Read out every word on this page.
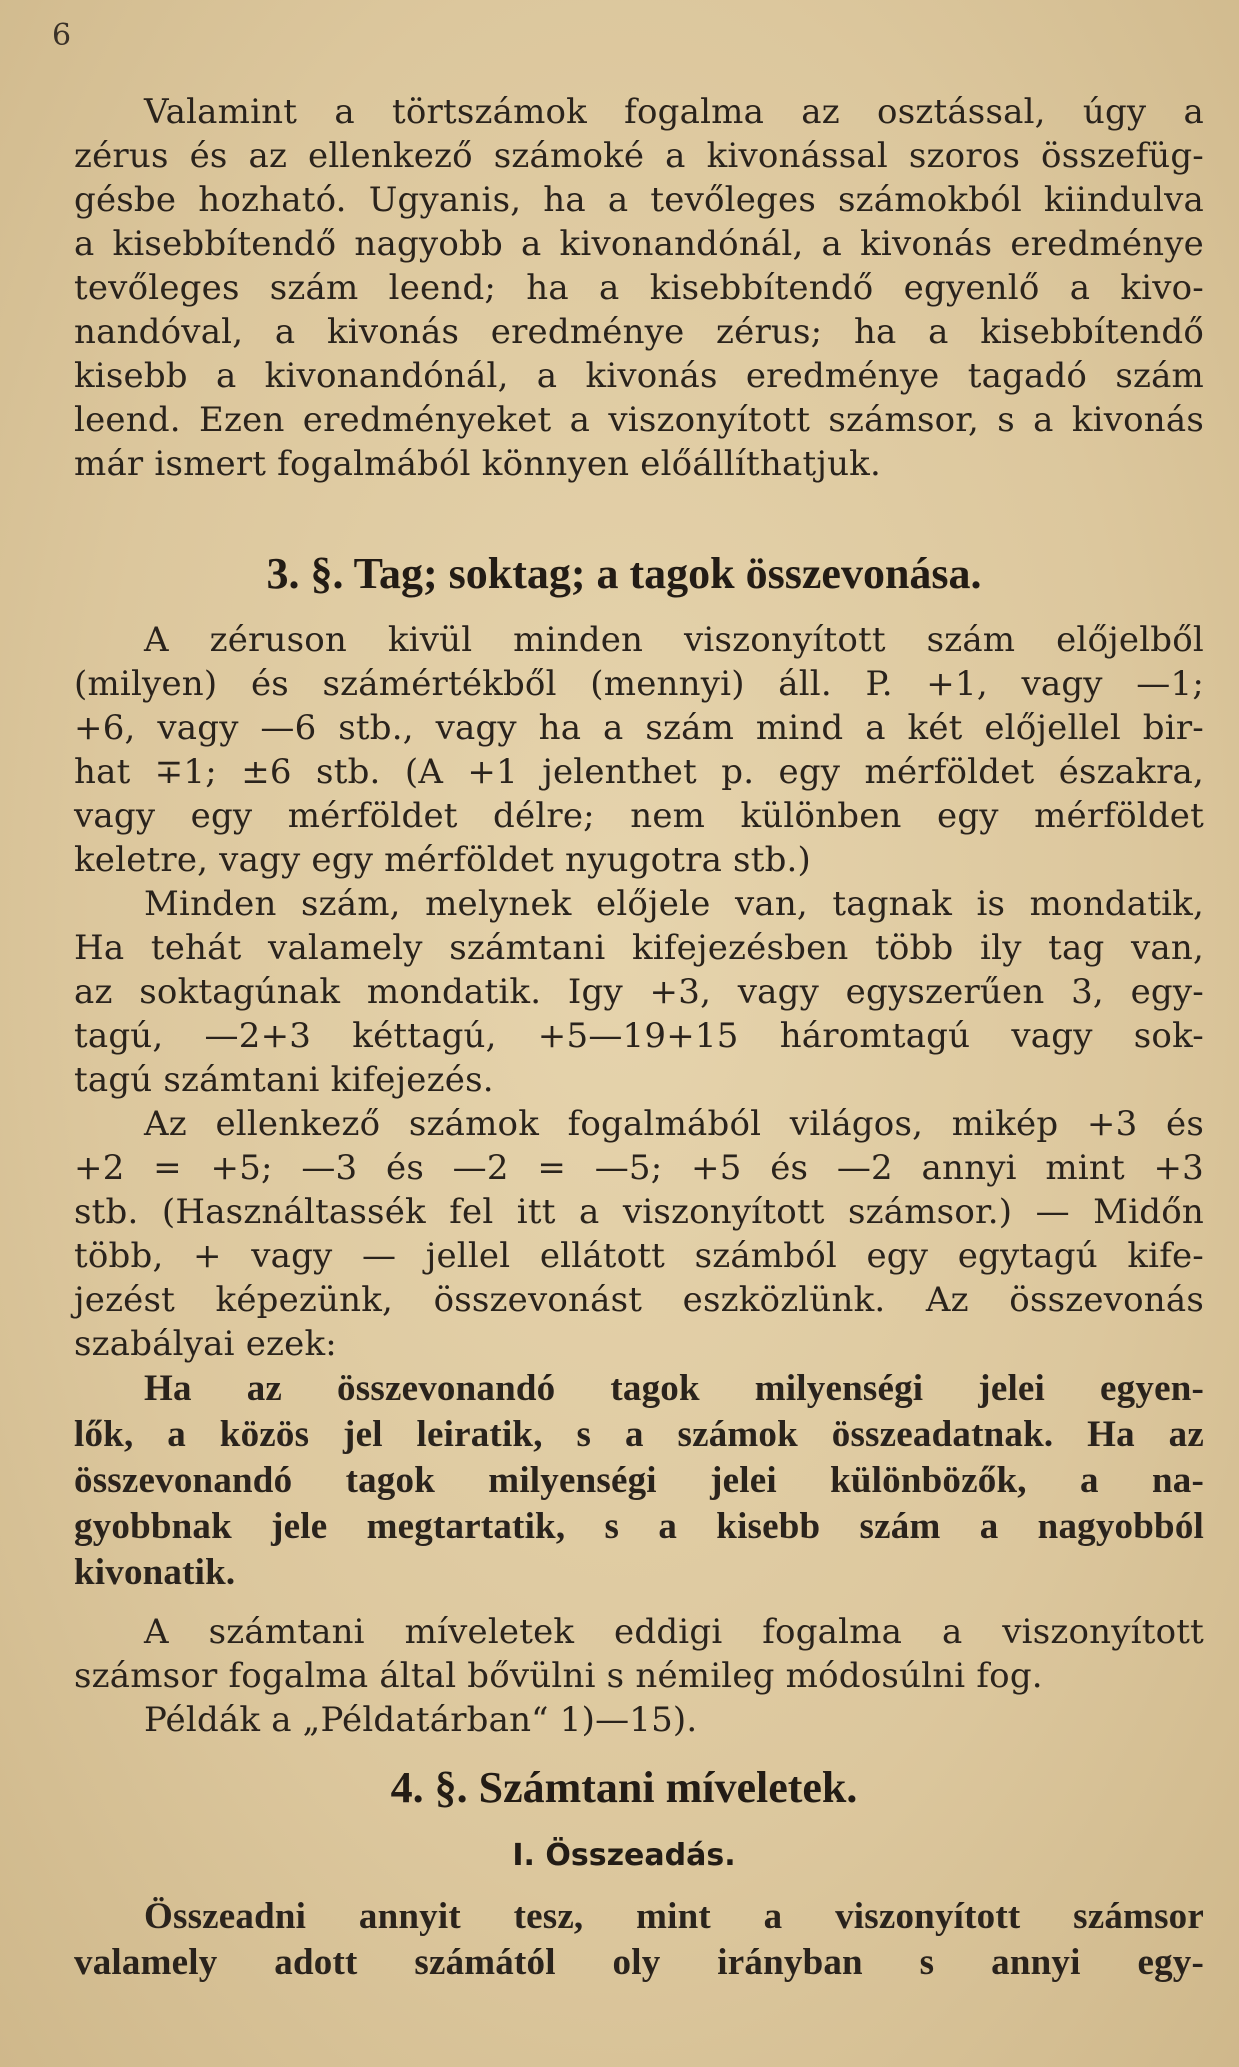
6
Valamint a törtszámok fogalma az osztással, úgy a
zérus és az ellenkező számoké a kivonással szoros összefüg-
gésbe hozható. Ugyanis, ha a tevőleges számokból kiindulva
a kisebbítendő nagyobb a kivonandónál, a kivonás eredménye
tevőleges szám leend; ha a kisebbítendő egyenlő a kivo-
nandóval, a kivonás eredménye zérus; ha a kisebbítendő
kisebb a kivonandónál, a kivonás eredménye tagadó szám
leend. Ezen eredményeket a viszonyított számsor, s a kivonás
már ismert fogalmából könnyen előállíthatjuk.
3. §. Tag; soktag; a tagok összevonása.
A zéruson kivül minden viszonyított szám előjelből
(milyen) és számértékből (mennyi) áll. P. +1, vagy —1;
+6, vagy —6 stb., vagy ha a szám mind a két előjellel bir-
hat ∓1; ±6 stb. (A +1 jelenthet p. egy mérföldet északra,
vagy egy mérföldet délre; nem különben egy mérföldet
keletre, vagy egy mérföldet nyugotra stb.)
Minden szám, melynek előjele van, tagnak is mondatik,
Ha tehát valamely számtani kifejezésben több ily tag van,
az soktagúnak mondatik. Igy +3, vagy egyszerűen 3, egy-
tagú, —2+3 kéttagú, +5—19+15 háromtagú vagy sok-
tagú számtani kifejezés.
Az ellenkező számok fogalmából világos, mikép +3 és
+2 = +5; —3 és —2 = —5; +5 és —2 annyi mint +3
stb. (Használtassék fel itt a viszonyított számsor.) — Midőn
több, + vagy — jellel ellátott számból egy egytagú kife-
jezést képezünk, összevonást eszközlünk. Az összevonás
szabályai ezek:
Ha az összevonandó tagok milyenségi jelei egyen-
lők, a közös jel leiratik, s a számok összeadatnak. Ha az
összevonandó tagok milyenségi jelei különbözők, a na-
gyobbnak jele megtartatik, s a kisebb szám a nagyobból
kivonatik.
A számtani míveletek eddigi fogalma a viszonyított
számsor fogalma által bővülni s némileg módosúlni fog.
Példák a „Példatárban“ 1)—15).
4. §. Számtani míveletek.
I. Összeadás.
Összeadni annyit tesz, mint a viszonyított számsor
valamely adott számától oly irányban s annyi egy-
